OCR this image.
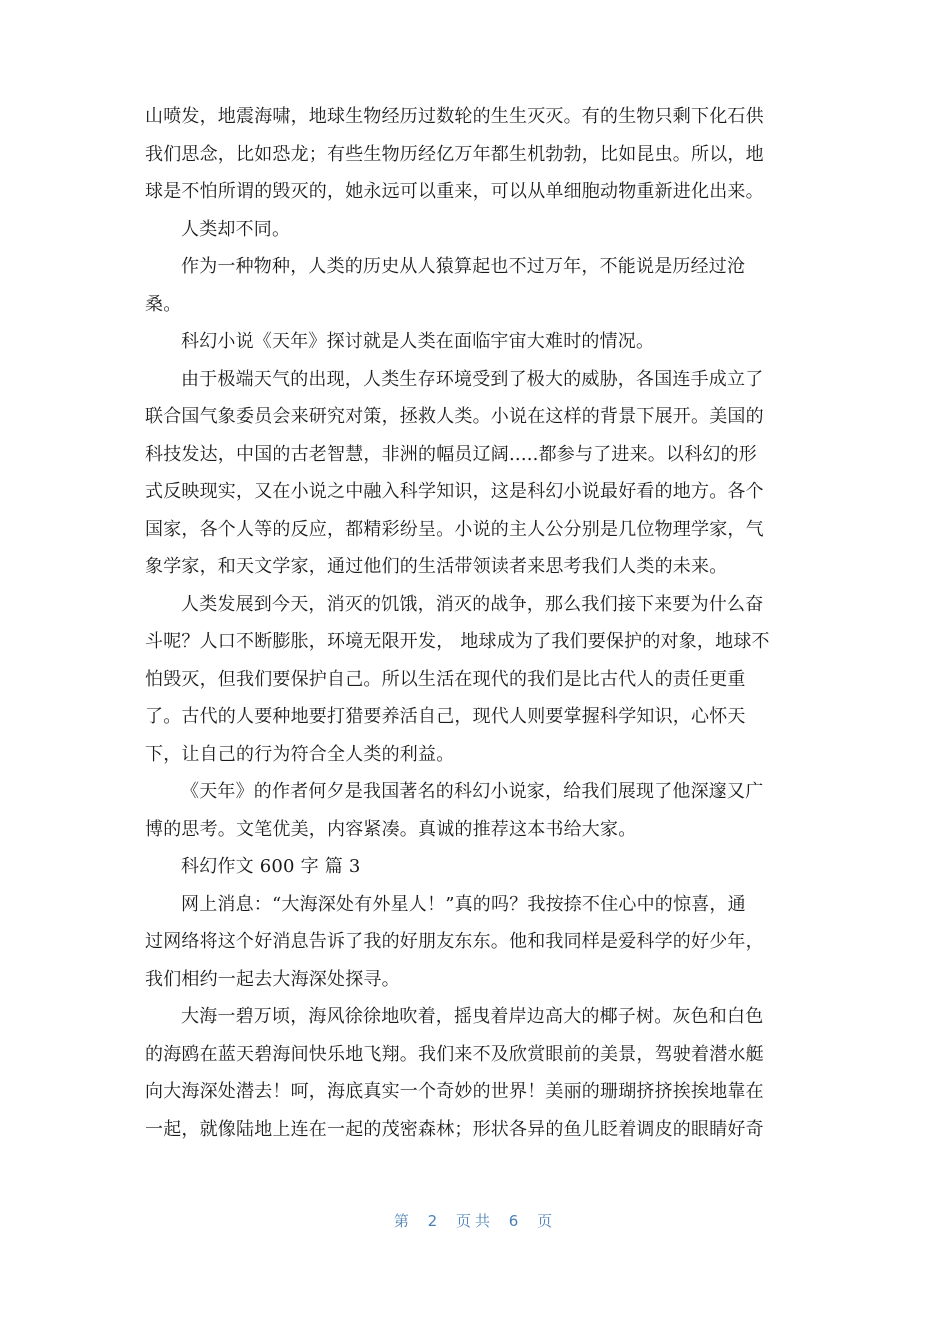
山喷发，地震海啸，地球生物经历过数轮的生生灭灭。有的生物只剩下化石供
我们思念，比如恐龙；有些生物历经亿万年都生机勃勃，比如昆虫。所以，地
球是不怕所谓的毁灭的，她永远可以重来，可以从单细胞动物重新进化出来。
人类却不同。
作为一种物种，人类的历史从人猿算起也不过万年，不能说是历经过沧
桑。
科幻小说《天年》探讨就是人类在面临宇宙大难时的情况。
由于极端天气的出现，人类生存环境受到了极大的威胁，各国连手成立了
联合国气象委员会来研究对策，拯救人类。小说在这样的背景下展开。美国的
科技发达，中国的古老智慧，非洲的幅员辽阔.....都参与了进来。以科幻的形
式反映现实，又在小说之中融入科学知识，这是科幻小说最好看的地方。各个
国家，各个人等的反应，都精彩纷呈。小说的主人公分别是几位物理学家，气
象学家，和天文学家，通过他们的生活带领读者来思考我们人类的未来。
人类发展到今天，消灭的饥饿，消灭的战争，那么我们接下来要为什么奋
斗呢？人口不断膨胀，环境无限开发， 地球成为了我们要保护的对象，地球不
怕毁灭，但我们要保护自己。所以生活在现代的我们是比古代人的责任更重
了。古代的人要种地要打猎要养活自己，现代人则要掌握科学知识，心怀天
下，让自己的行为符合全人类的利益。
《天年》的作者何夕是我国著名的科幻小说家，给我们展现了他深邃又广
博的思考。文笔优美，内容紧凑。真诚的推荐这本书给大家。
科幻作文 600 字 篇 3
网上消息：“大海深处有外星人！”真的吗？我按捺不住心中的惊喜，通
过网络将这个好消息告诉了我的好朋友东东。他和我同样是爱科学的好少年，
我们相约一起去大海深处探寻。
大海一碧万顷，海风徐徐地吹着，摇曳着岸边高大的椰子树。灰色和白色
的海鸥在蓝天碧海间快乐地飞翔。我们来不及欣赏眼前的美景，驾驶着潜水艇
向大海深处潜去！呵，海底真实一个奇妙的世界！美丽的珊瑚挤挤挨挨地靠在
一起，就像陆地上连在一起的茂密森林；形状各异的鱼儿眨着调皮的眼睛好奇
第 2 页共 6 页
